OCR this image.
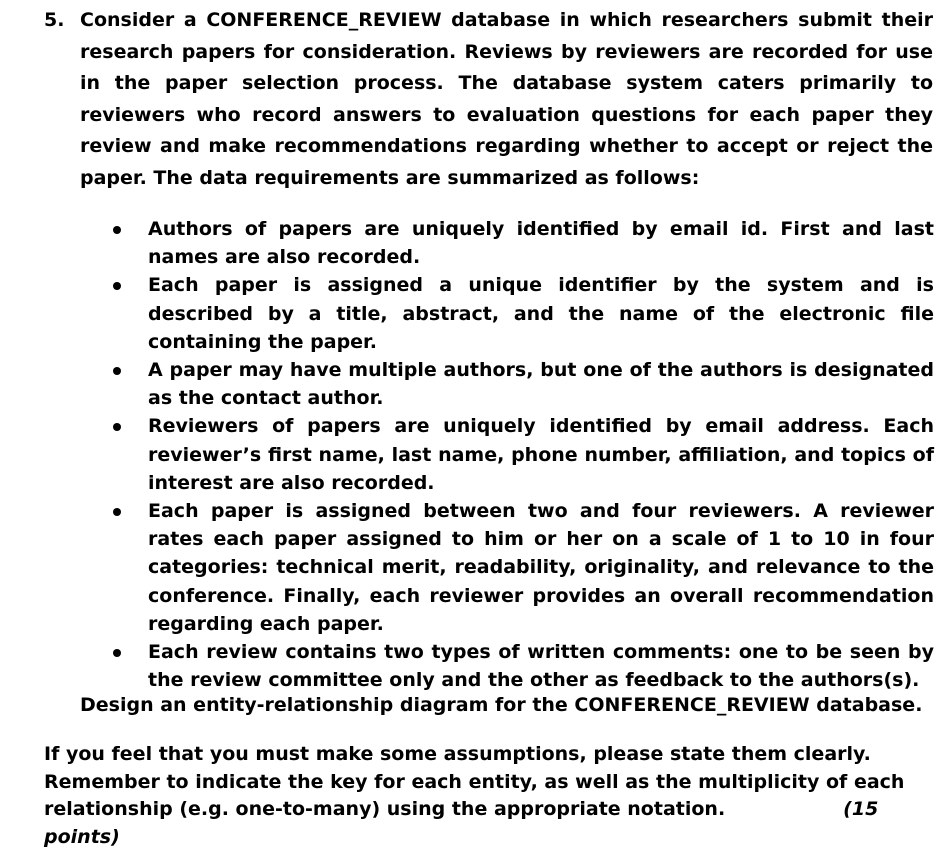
5. Consider a CONFERENCE_REVIEW database in which researchers submit their research papers for consideration. Reviews by reviewers are recorded for use in the paper selection process. The database system caters primarily to reviewers who record answers to evaluation questions for each paper they review and make recommendations regarding whether to accept or reject the paper. The data requirements are summarized as follows:
Authors of papers are uniquely identified by email id. First and last names are also recorded.
Each paper is assigned a unique identifier by the system and is described by a title, abstract, and the name of the electronic file containing the paper.
A paper may have multiple authors, but one of the authors is designated as the contact author.
Reviewers of papers are uniquely identified by email address. Each reviewer’s first name, last name, phone number, affiliation, and topics of interest are also recorded.
Each paper is assigned between two and four reviewers. A reviewer rates each paper assigned to him or her on a scale of 1 to 10 in four categories: technical merit, readability, originality, and relevance to the conference. Finally, each reviewer provides an overall recommendation regarding each paper.
Each review contains two types of written comments: one to be seen by the review committee only and the other as feedback to the authors(s).
Design an entity-relationship diagram for the CONFERENCE_REVIEW database.
If you feel that you must make some assumptions, please state them clearly. Remember to indicate the key for each entity, as well as the multiplicity of each relationship (e.g. one-to-many) using the appropriate notation.	(15 points)
